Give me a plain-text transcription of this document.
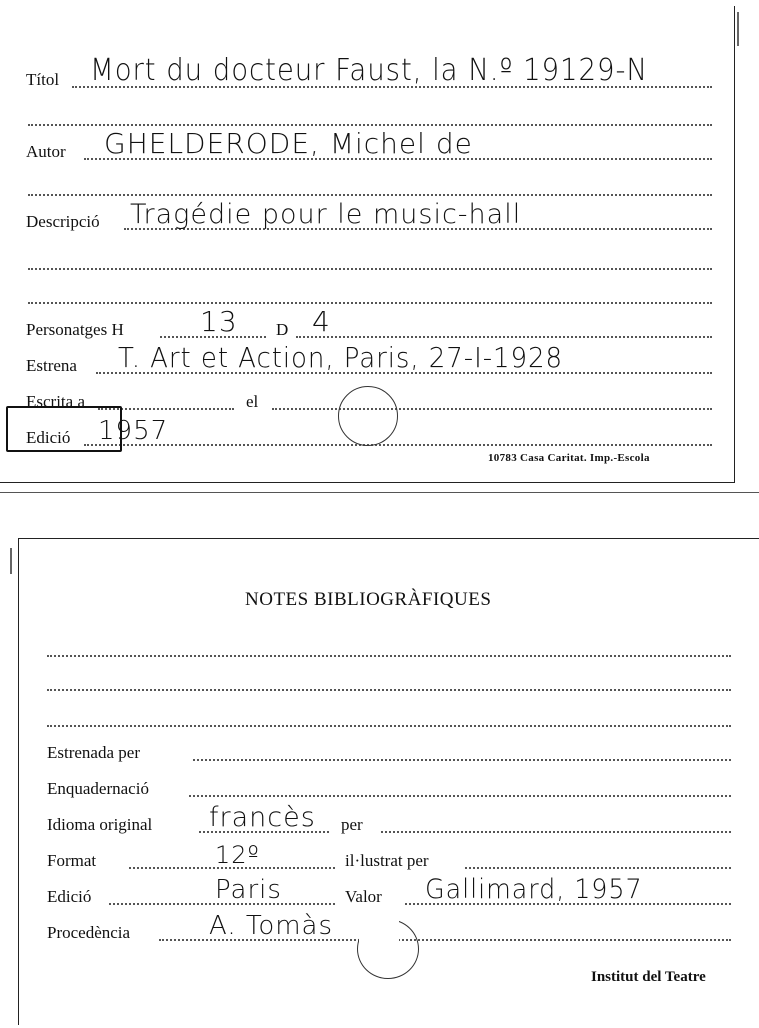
Títol Mort du docteur Faust, la N.º 19129-N
Autor GHELDERODE, Michel de
Descripció Tragédie pour le music-hall
Personatges H	13 D 4
Estrena T. Art et Action, Paris, 27-I-1928
Escrita a	el
Edició 1957
10783 Casa Caritat. Imp.-Escola
NOTES BIBLIOGRÀFIQUES
Estrenada per
Enquadernació
Idioma original francès per
Format	12º	il·lustrat per
Edició	Paris	Valor Gallimard, 1957
Procedència	A. Tomàs
Institut del Teatre
